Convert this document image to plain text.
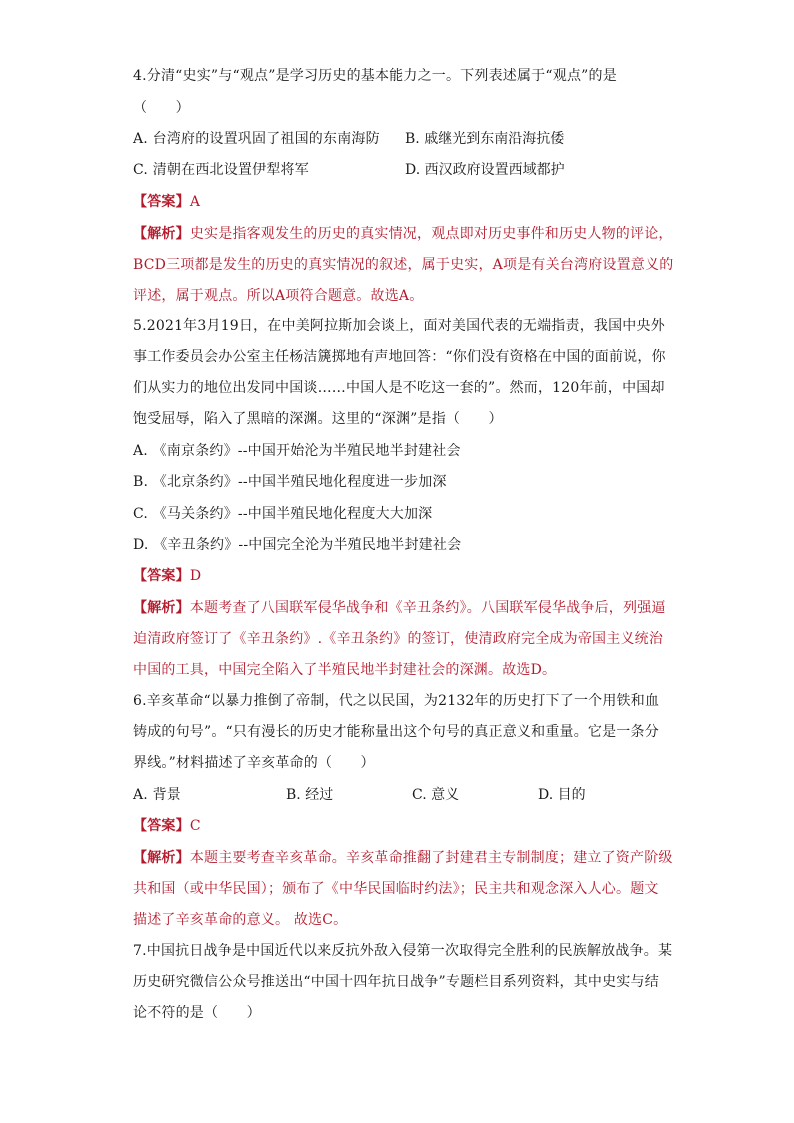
4.分清“史实”与“观点”是学习历史的基本能力之一。下列表述属于“观点”的是
（　　）
A. 台湾府的设置巩固了祖国的东南海防 B. 戚继光到东南沿海抗倭
C. 清朝在西北设置伊犁将军	D. 西汉政府设置西域都护
【答案】A
【解析】史实是指客观发生的历史的真实情况，观点即对历史事件和历史人物的评论，
BCD三项都是发生的历史的真实情况的叙述，属于史实，A项是有关台湾府设置意义的
评述，属于观点。所以A项符合题意。故选A。
5.2021年3月19日，在中美阿拉斯加会谈上，面对美国代表的无端指责，我国中央外
事工作委员会办公室主任杨洁篪掷地有声地回答：“你们没有资格在中国的面前说，你
们从实力的地位出发同中国谈……中国人是不吃这一套的”。然而，120年前，中国却
饱受屈辱，陷入了黑暗的深渊。这里的“深渊”是指（　　）
A. 《南京条约》--中国开始沦为半殖民地半封建社会
B. 《北京条约》--中国半殖民地化程度进一步加深
C. 《马关条约》--中国半殖民地化程度大大加深
D. 《辛丑条约》--中国完全沦为半殖民地半封建社会
【答案】D
【解析】本题考查了八国联军侵华战争和《辛丑条约》。八国联军侵华战争后，列强逼
迫清政府签订了《辛丑条约》.《辛丑条约》的签订，使清政府完全成为帝国主义统治
中国的工具，中国完全陷入了半殖民地半封建社会的深渊。故选D。
6.辛亥革命“以暴力推倒了帝制，代之以民国，为2132年的历史打下了一个用铁和血
铸成的句号”。“只有漫长的历史才能称量出这个句号的真正意义和重量。它是一条分
界线。”材料描述了辛亥革命的（　　）
A. 背景	B. 经过	C. 意义	D. 目的
【答案】C
【解析】本题主要考查辛亥革命。辛亥革命推翻了封建君主专制制度；建立了资产阶级
共和国（或中华民国）；颁布了《中华民国临时约法》；民主共和观念深入人心。题文
描述了辛亥革命的意义。 故选C。
7.中国抗日战争是中国近代以来反抗外敌入侵第一次取得完全胜利的民族解放战争。某
历史研究微信公众号推送出“中国十四年抗日战争”专题栏目系列资料，其中史实与结
论不符的是（　　）
